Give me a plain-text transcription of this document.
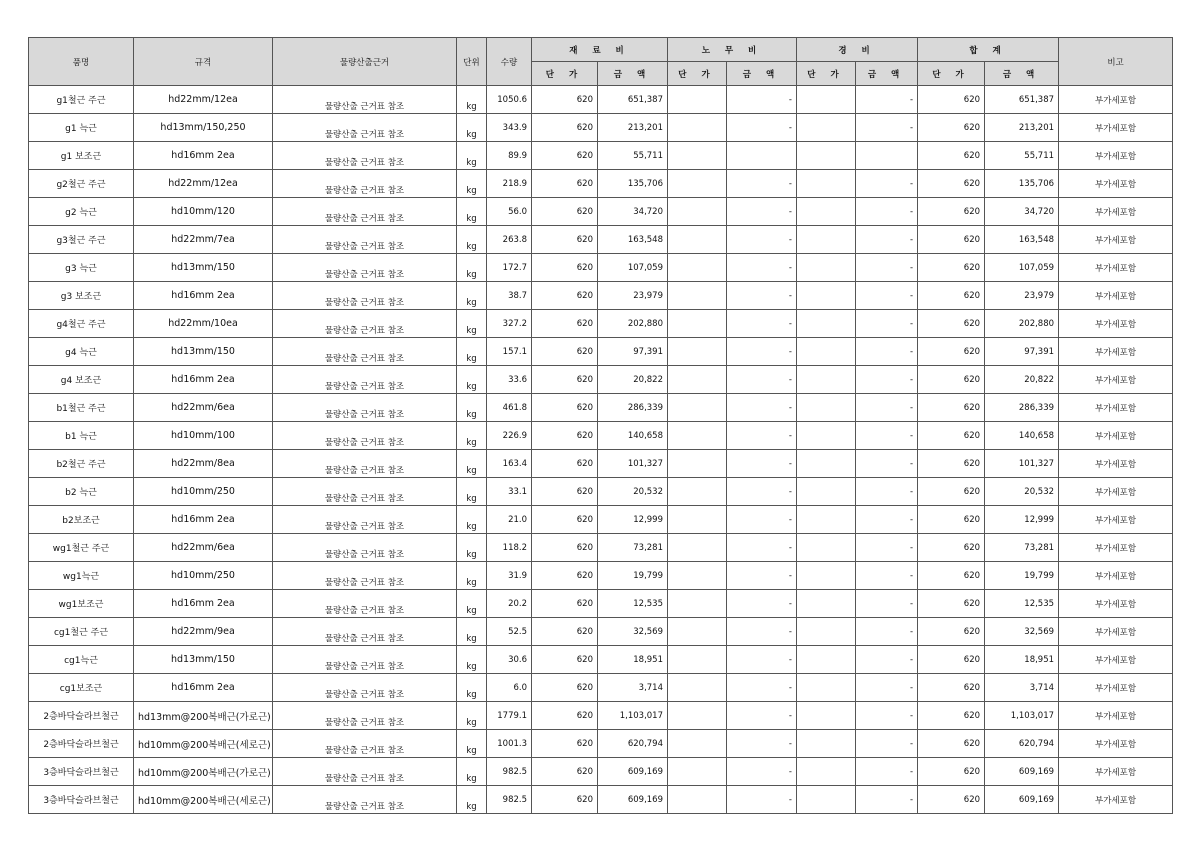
품명	규격	물량산출근거	단위	수량	재 료 비		노 무 비		경 비		합 계		비고
					단 가	금 액	단 가	금 액	단 가	금 액	단 가	금 액	
g1철근 주근	hd22mm/12ea	물량산출 근거표 참조	kg	1050.6	620	651,387		-		-	620	651,387	부가세포함
g1 늑근	hd13mm/150,250	물량산출 근거표 참조	kg	343.9	620	213,201		-		-	620	213,201	부가세포함
g1 보조근	hd16mm 2ea	물량산출 근거표 참조	kg	89.9	620	55,711					620	55,711	부가세포함
g2철근 주근	hd22mm/12ea	물량산출 근거표 참조	kg	218.9	620	135,706		-		-	620	135,706	부가세포함
g2 늑근	hd10mm/120	물량산출 근거표 참조	kg	56.0	620	34,720		-		-	620	34,720	부가세포함
g3철근 주근	hd22mm/7ea	물량산출 근거표 참조	kg	263.8	620	163,548		-		-	620	163,548	부가세포함
g3 늑근	hd13mm/150	물량산출 근거표 참조	kg	172.7	620	107,059		-		-	620	107,059	부가세포함
g3 보조근	hd16mm 2ea	물량산출 근거표 참조	kg	38.7	620	23,979		-		-	620	23,979	부가세포함
g4철근 주근	hd22mm/10ea	물량산출 근거표 참조	kg	327.2	620	202,880		-		-	620	202,880	부가세포함
g4 늑근	hd13mm/150	물량산출 근거표 참조	kg	157.1	620	97,391		-		-	620	97,391	부가세포함
g4 보조근	hd16mm 2ea	물량산출 근거표 참조	kg	33.6	620	20,822		-		-	620	20,822	부가세포함
b1철근 주근	hd22mm/6ea	물량산출 근거표 참조	kg	461.8	620	286,339		-		-	620	286,339	부가세포함
b1 늑근	hd10mm/100	물량산출 근거표 참조	kg	226.9	620	140,658		-		-	620	140,658	부가세포함
b2철근 주근	hd22mm/8ea	물량산출 근거표 참조	kg	163.4	620	101,327		-		-	620	101,327	부가세포함
b2 늑근	hd10mm/250	물량산출 근거표 참조	kg	33.1	620	20,532		-		-	620	20,532	부가세포함
b2보조근	hd16mm 2ea	물량산출 근거표 참조	kg	21.0	620	12,999		-		-	620	12,999	부가세포함
wg1철근 주근	hd22mm/6ea	물량산출 근거표 참조	kg	118.2	620	73,281		-		-	620	73,281	부가세포함
wg1늑근	hd10mm/250	물량산출 근거표 참조	kg	31.9	620	19,799		-		-	620	19,799	부가세포함
wg1보조근	hd16mm 2ea	물량산출 근거표 참조	kg	20.2	620	12,535		-		-	620	12,535	부가세포함
cg1철근 주근	hd22mm/9ea	물량산출 근거표 참조	kg	52.5	620	32,569		-		-	620	32,569	부가세포함
cg1늑근	hd13mm/150	물량산출 근거표 참조	kg	30.6	620	18,951		-		-	620	18,951	부가세포함
cg1보조근	hd16mm 2ea	물량산출 근거표 참조	kg	6.0	620	3,714		-		-	620	3,714	부가세포함
2층바닥슬라브철근	hd13mm@200복배근(가로근)	물량산출 근거표 참조	kg	1779.1	620	1,103,017		-		-	620	1,103,017	부가세포함
2층바닥슬라브철근	hd10mm@200복배근(세로근)	물량산출 근거표 참조	kg	1001.3	620	620,794		-		-	620	620,794	부가세포함
3층바닥슬라브철근	hd10mm@200복배근(가로근)	물량산출 근거표 참조	kg	982.5	620	609,169		-		-	620	609,169	부가세포함
3층바닥슬라브철근	hd10mm@200복배근(세로근)	물량산출 근거표 참조	kg	982.5	620	609,169		-		-	620	609,169	부가세포함
